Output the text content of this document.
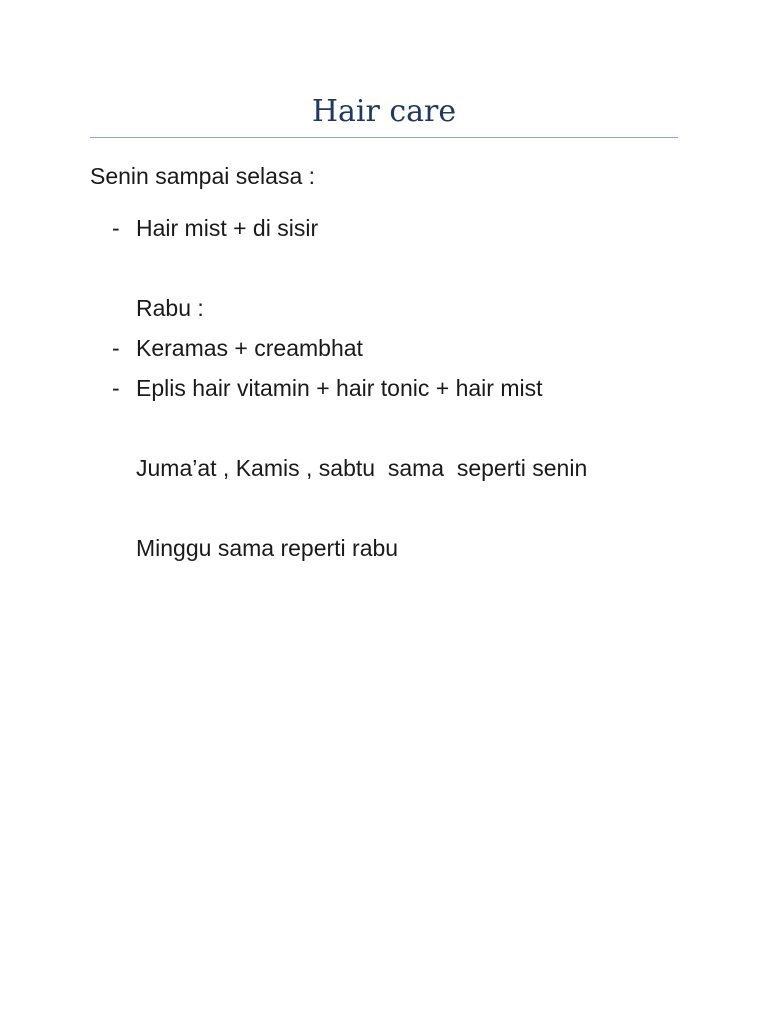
Hair care
Senin sampai selasa :
- Hair mist + di sisir
Rabu :
- Keramas + creambhat
- Eplis hair vitamin + hair tonic + hair mist
Juma’at , Kamis , sabtu  sama  seperti senin
Minggu sama reperti rabu
